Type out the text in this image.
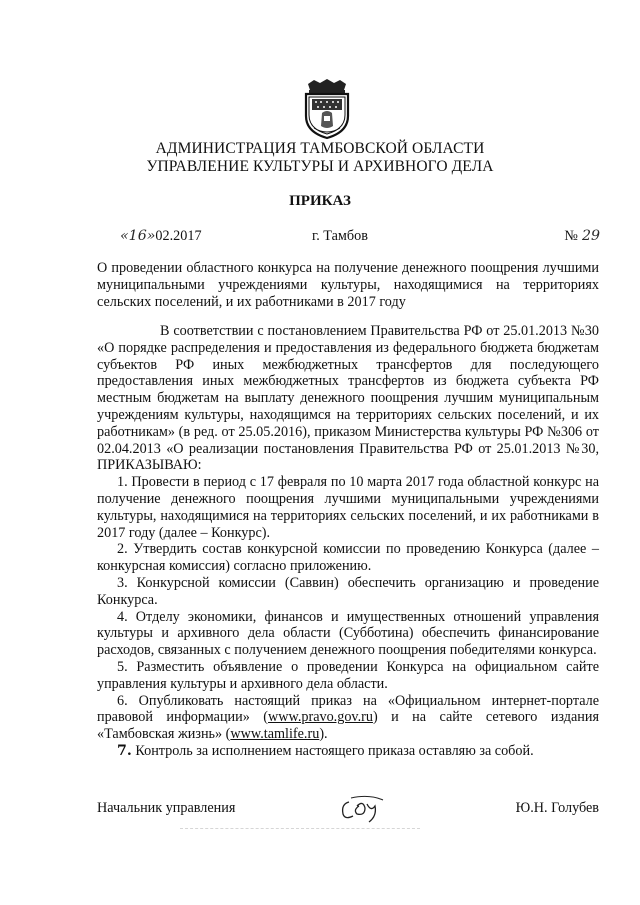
АДМИНИСТРАЦИЯ ТАМБОВСКОЙ ОБЛАСТИ
УПРАВЛЕНИЕ КУЛЬТУРЫ И АРХИВНОГО ДЕЛА
ПРИКАЗ
«16»02.2017	г. Тамбов	№ 29
О проведении областного конкурса на получение денежного поощрения лучшими муниципальными учреждениями культуры, находящимися на территориях сельских поселений, и их работниками в 2017 году

В соответствии с постановлением Правительства РФ от 25.01.2013 №30 «О порядке распределения и предоставления из федерального бюджета бюджетам субъектов РФ иных межбюджетных трансфертов для последующего предоставления иных межбюджетных трансфертов из бюджета субъекта РФ местным бюджетам на выплату денежного поощрения лучшим муниципальным учреждениям культуры, находящимся на территориях сельских поселений, и их работникам» (в ред. от 25.05.2016), приказом Министерства культуры РФ №306 от 02.04.2013 «О реализации постановления Правительства РФ от 25.01.2013 №30, ПРИКАЗЫВАЮ:

1. Провести в период с 17 февраля по 10 марта 2017 года областной конкурс на получение денежного поощрения лучшими муниципальными учреждениями культуры, находящимися на территориях сельских поселений, и их работниками в 2017 году (далее – Конкурс).

2. Утвердить состав конкурсной комиссии по проведению Конкурса (далее – конкурсная комиссия) согласно приложению.

3. Конкурсной комиссии (Саввин) обеспечить организацию и проведение Конкурса.

4. Отделу экономики, финансов и имущественных отношений управления культуры и архивного дела области (Субботина) обеспечить финансирование расходов, связанных с получением денежного поощрения победителями конкурса.

5. Разместить объявление о проведении Конкурса на официальном сайте управления культуры и архивного дела области.

6. Опубликовать настоящий приказ на «Официальном интернет-портале правовой информации» (www.pravo.gov.ru) и на сайте сетевого издания «Тамбовская жизнь» (www.tamlife.ru).

7. Контроль за исполнением настоящего приказа оставляю за собой.

Начальник управления	Ю.Н. Голубев
